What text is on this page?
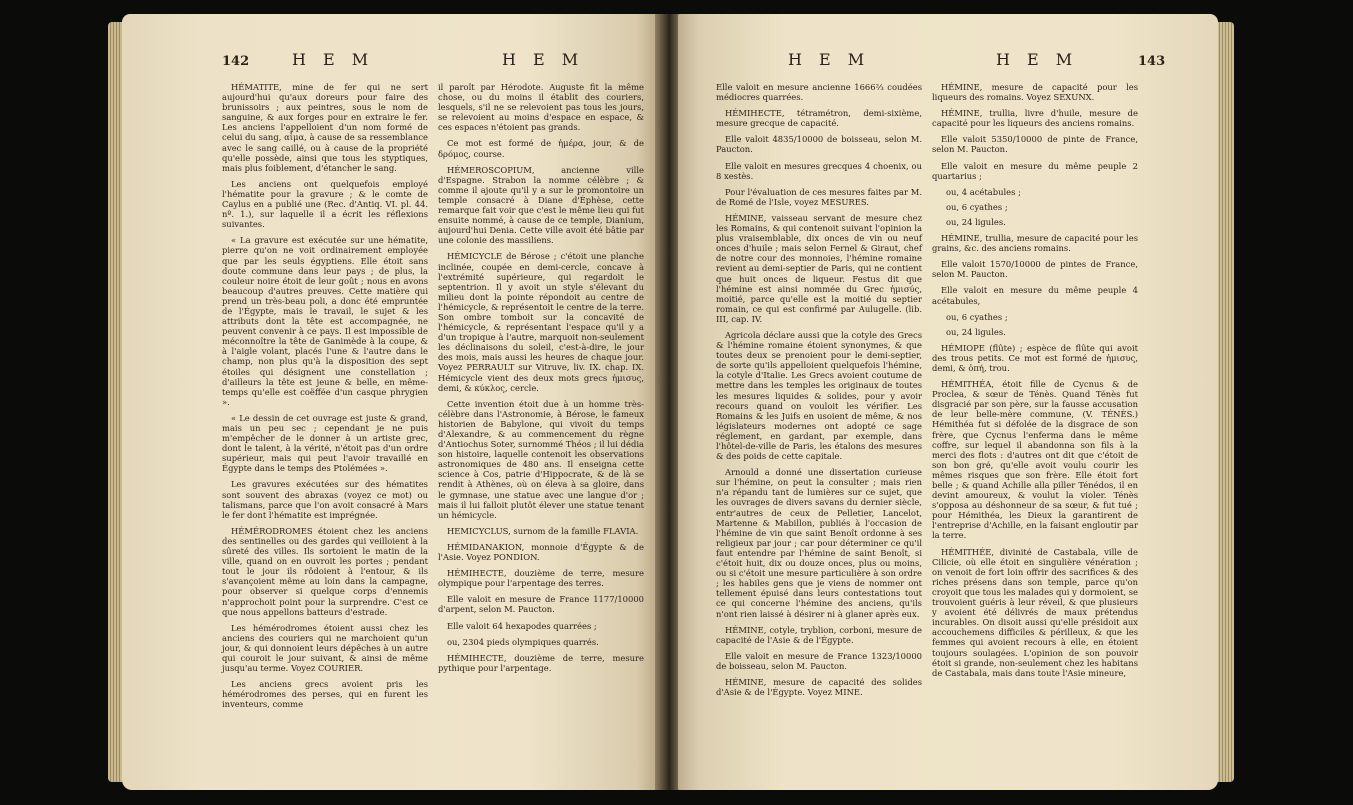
142	H E M	H E M

HÉMATITE, mine de fer qui ne sert aujourd'hui qu'aux doreurs pour faire des brunissoirs ; aux peintres, sous le nom de sanguine, & aux forges pour en extraire le fer. Les anciens l'appelloient d'un nom formé de celui du sang, αἷμα, à cause de sa ressemblance avec le sang caillé, ou à cause de la propriété qu'elle possède, ainsi que tous les styptiques, mais plus foiblement, d'étancher le sang.

Les anciens ont quelquefois employé l'hématite pour la gravure ; & le comte de Caylus en a publié une (Rec. d'Antiq. VI. pl. 44. nº. 1.), sur laquelle il a écrit les réflexions suivantes.

« La gravure est exécutée sur une hématite, pierre qu'on ne voit ordinairement employée que par les seuls égyptiens. Elle étoit sans doute commune dans leur pays ; de plus, la couleur noire étoit de leur goût ; nous en avons beaucoup d'autres preuves. Cette matière qui prend un très-beau poli, a donc été empruntée de l'Égypte, mais le travail, le sujet & les attributs dont la tête est accompagnée, ne peuvent convenir à ce pays. Il est impossible de méconnoître la tête de Ganimède à la coupe, & à l'aigle volant, placés l'une & l'autre dans le champ, non plus qu'à la disposition des sept étoiles qui désignent une constellation ; d'ailleurs la tête est jeune & belle, en même-temps qu'elle est coëffée d'un casque phrygien ».

« Le dessin de cet ouvrage est juste & grand, mais un peu sec ; cependant je ne puis m'empêcher de le donner à un artiste grec, dont le talent, à la vérité, n'étoit pas d'un ordre supérieur, mais qui peut l'avoir travaillé en Égypte dans le temps des Ptolémées ».

Les gravures exécutées sur des hématites sont souvent des abraxas (voyez ce mot) ou talismans, parce que l'on avoit consacré à Mars le fer dont l'hématite est imprégnée.

HÉMÉRODROMES étoient chez les anciens des sentinelles ou des gardes qui veilloient à la sûreté des villes. Ils sortoient le matin de la ville, quand on en ouvroit les portes ; pendant tout le jour ils rôdoient à l'entour, & ils s'avançoient même au loin dans la campagne, pour observer si quelque corps d'ennemis n'approchoit point pour la surprendre. C'est ce que nous appellons batteurs d'estrade.

Les hémérodromes étoient aussi chez les anciens des couriers qui ne marchoient qu'un jour, & qui donnoient leurs dépêches à un autre qui couroit le jour suivant, & ainsi de même jusqu'au terme. Voyez COURIER.

Les anciens grecs avoient pris les hémérodromes des perses, qui en furent les inventeurs, comme

il paroît par Hérodote. Auguste fit la même chose, ou du moins il établit des couriers, lesquels, s'il ne se relevoient pas tous les jours, se relevoient au moins d'espace en espace, & ces espaces n'étoient pas grands.

Ce mot est formé de ἡμέρα, jour, & de δρόμος, course.

HÉMEROSCOPIUM, ancienne ville d'Espagne. Strabon la nomme célèbre ; & comme il ajoute qu'il y a sur le promontoire un temple consacré à Diane d'Éphèse, cette remarque fait voir que c'est le même lieu qui fut ensuite nommé, à cause de ce temple, Dianium, aujourd'hui Denia. Cette ville avoit été bâtie par une colonie des massiliens.

HÉMICYCLE de Bérose ; c'étoit une planche inclinée, coupée en demi-cercle, concave à l'extrémité supérieure, qui regardoit le septentrion. Il y avoit un style s'élevant du milieu dont la pointe répondoit au centre de l'hémicycle, & représentoit le centre de la terre. Son ombre tomboit sur la concavité de l'hémicycle, & représentant l'espace qu'il y a d'un tropique à l'autre, marquoit non-seulement les déclinaisons du soleil, c'est-à-dire, le jour des mois, mais aussi les heures de chaque jour. Voyez PERRAULT sur Vitruve, liv. IX. chap. IX. Hémicycle vient des deux mots grecs ἡμισυς, demi, & κύκλος, cercle.

Cette invention étoit due à un homme très-célèbre dans l'Astronomie, à Bérose, le fameux historien de Babylone, qui vivoit du temps d'Alexandre, & au commencement du règne d'Antiochus Soter, surnommé Théos ; il lui dédia son histoire, laquelle contenoit les observations astronomiques de 480 ans. Il enseigna cette science à Cos, patrie d'Hippocrate, & de là se rendit à Athènes, où on éleva à sa gloire, dans le gymnase, une statue avec une langue d'or ; mais il lui falloit plutôt élever une statue tenant un hémicycle.

HEMICYCLUS, surnom de la famille FLAVIA.

HÉMIDANAKION, monnoie d'Égypte & de l'Asie. Voyez PONDION.

HÉMIHECTE, douzième de terre, mesure olympique pour l'arpentage des terres.

Elle valoit en mesure de France 1177/10000 d'arpent, selon M. Paucton.

Elle valoit 64 hexapodes quarrées ;

ou, 2304 pieds olympiques quarrés.

HÉMIHECTE, douzième de terre, mesure pythique pour l'arpentage.

H E M	H E M	143

Elle valoit en mesure ancienne 1666⅔ coudées médiocres quarrées.

HÉMIHECTE, tétramétron, demi-sixième, mesure grecque de capacité.

Elle valoit 4835/10000 de boisseau, selon M. Paucton.

Elle valoit en mesures grecques 4 choenix, ou 8 xestès.

Pour l'évaluation de ces mesures faites par M. de Romé de l'Isle, voyez MESURES.

HÉMINE, vaisseau servant de mesure chez les Romains, & qui contenoit suivant l'opinion la plus vraisemblable, dix onces de vin ou neuf onces d'huile ; mais selon Fernel & Giraut, chef de notre cour des monnoies, l'hémine romaine revient au demi-septier de Paris, qui ne contient que huit onces de liqueur. Festus dit que l'hémine est ainsi nommée du Grec ἡμισύς, moitié, parce qu'elle est la moitié du septier romain, ce qui est confirmé par Aulugelle. (lib. III, cap. IV.

Agricola déclare aussi que la cotyle des Grecs & l'hémine romaine étoient synonymes, & que toutes deux se prenoient pour le demi-septier, de sorte qu'ils appelloient quelquefois l'hémine, la cotyle d'Italie. Les Grecs avoient coutume de mettre dans les temples les originaux de toutes les mesures liquides & solides, pour y avoir recours quand on vouloit les vérifier. Les Romains & les Juifs en usoient de même, & nos législateurs modernes ont adopté ce sage réglement, en gardant, par exemple, dans l'hôtel-de-ville de Paris, les étalons des mesures & des poids de cette capitale.

Arnould a donné une dissertation curieuse sur l'hémine, on peut la consulter ; mais rien n'a répandu tant de lumières sur ce sujet, que les ouvrages de divers savans du dernier siècle, entr'autres de ceux de Pelletier, Lancelot, Martenne & Mabillon, publiés à l'occasion de l'hémine de vin que saint Benoît ordonne à ses religieux par jour ; car pour déterminer ce qu'il faut entendre par l'hémine de saint Benoît, si c'étoit huit, dix ou douze onces, plus ou moins, ou si c'étoit une mesure particulière à son ordre ; les habiles gens que je viens de nommer ont tellement épuisé dans leurs contestations tout ce qui concerne l'hémine des anciens, qu'ils n'ont rien laissé à désirer ni à glaner après eux.

HÉMINE, cotyle, tryblion, corboni, mesure de capacité de l'Asie & de l'Égypte.

Elle valoit en mesure de France 1323/10000 de boisseau, selon M. Paucton.

HÉMINE, mesure de capacité des solides d'Asie & de l'Égypte. Voyez MINE.

HÉMINE, mesure de capacité pour les liqueurs des romains. Voyez SEXUNX.

HÉMINE, trullia, livre d'huile, mesure de capacité pour les liqueurs des anciens romains.

Elle valoit 5350/10000 de pinte de France, selon M. Paucton.

Elle valoit en mesure du même peuple 2 quartarius ;

ou, 4 acétabules ;
ou, 6 cyathes ;
ou, 24 ligules.

HÉMINE, trullia, mesure de capacité pour les grains, &c. des anciens romains.

Elle valoit 1570/10000 de pintes de France, selon M. Paucton.

Elle valoit en mesure du même peuple 4 acétabules,

ou, 6 cyathes ;
ou, 24 ligules.

HÉMIOPE (flûte) ; espèce de flûte qui avoit des trous petits. Ce mot est formé de ἡμισυς, demi, & ὀπή, trou.

HÉMITHÉA, étoit fille de Cycnus & de Proclea, & sœur de Ténès. Quand Ténès fut disgracié par son père, sur la fausse accusation de leur belle-mère commune, (V. TÉNÈS.) Hémithéa fut si défolée de la disgrace de son frère, que Cycnus l'enferma dans le même coffre, sur lequel il abandonna son fils à la merci des flots : d'autres ont dit que c'étoit de son bon gré, qu'elle avoit voulu courir les mêmes risques que son frère. Elle étoit fort belle ; & quand Achille alla piller Ténédos, il en devint amoureux, & voulut la violer. Ténès s'opposa au déshonneur de sa sœur, & fut tué ; pour Hémithéa, les Dieux la garantirent de l'entreprise d'Achille, en la faisant engloutir par la terre.

HÉMITHÉE, divinité de Castabala, ville de Cilicie, où elle étoit en singulière vénération ; on venoit de fort loin offrir des sacrifices & des riches présens dans son temple, parce qu'on croyoit que tous les malades qui y dormoient, se trouvoient guéris à leur réveil, & que plusieurs y avoient été délivrés de maux prétendus incurables. On disoit aussi qu'elle présidoit aux accouchemens difficiles & périlleux, & que les femmes qui avoient recours à elle, en étoient toujours soulagées. L'opinion de son pouvoir étoit si grande, non-seulement chez les habitans de Castabala, mais dans toute l'Asie mineure,
